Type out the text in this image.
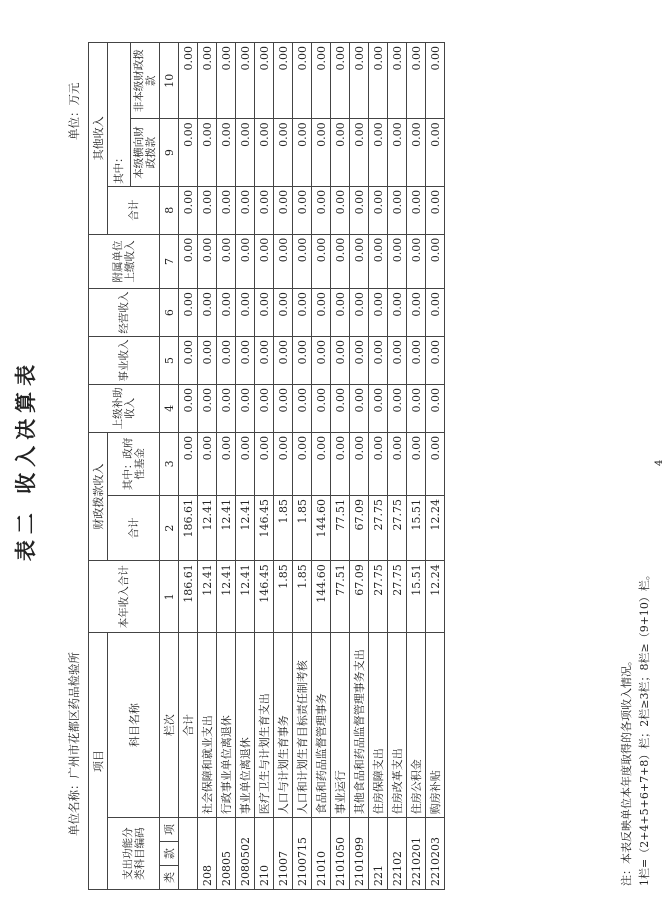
表二 收入决算表
单位名称：广州市花都区药品检验所
单位：万元
项目				本年收入合计	财政拨款收入		上级补助收入	事业收入	经营收入	附属单位上缴收入	其他收入		
支出功能分
类科目编码			科目名称		合计	其中：政府性基金					合计	其中：	
												本级横向财政拨款	非本级财政拨款
类	款	项	栏次	1	2	3	4	5	6	7	8	9	10
			合计	186.61	186.61	0.00	0.00	0.00	0.00	0.00	0.00	0.00	0.00
208			社会保障和就业支出	12.41	12.41	0.00	0.00	0.00	0.00	0.00	0.00	0.00	0.00
20805			行政事业单位离退休	12.41	12.41	0.00	0.00	0.00	0.00	0.00	0.00	0.00	0.00
2080502			事业单位离退休	12.41	12.41	0.00	0.00	0.00	0.00	0.00	0.00	0.00	0.00
210			医疗卫生与计划生育支出	146.45	146.45	0.00	0.00	0.00	0.00	0.00	0.00	0.00	0.00
21007			人口与计划生育事务	1.85	1.85	0.00	0.00	0.00	0.00	0.00	0.00	0.00	0.00
2100715			人口和计划生育目标责任制考核	1.85	1.85	0.00	0.00	0.00	0.00	0.00	0.00	0.00	0.00
21010			食品和药品监督管理事务	144.60	144.60	0.00	0.00	0.00	0.00	0.00	0.00	0.00	0.00
2101050			事业运行	77.51	77.51	0.00	0.00	0.00	0.00	0.00	0.00	0.00	0.00
2101099			其他食品和药品监督管理事务支出	67.09	67.09	0.00	0.00	0.00	0.00	0.00	0.00	0.00	0.00
221			住房保障支出	27.75	27.75	0.00	0.00	0.00	0.00	0.00	0.00	0.00	0.00
22102			住房改革支出	27.75	27.75	0.00	0.00	0.00	0.00	0.00	0.00	0.00	0.00
2210201			住房公积金	15.51	15.51	0.00	0.00	0.00	0.00	0.00	0.00	0.00	0.00
2210203			购房补贴	12.24	12.24	0.00	0.00	0.00	0.00	0.00	0.00	0.00	0.00
注：本表反映单位本年度取得的各项收入情况。 1栏=（2+4+5+6+7+8）栏；2栏≥3栏；8栏≥（9+10）栏。
4
